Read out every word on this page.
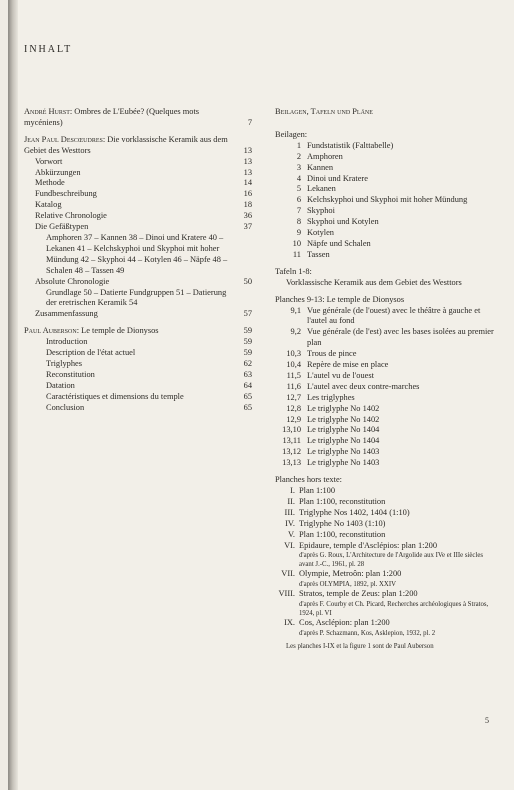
INHALT
André Hurst: Ombres de L'Eubée? (Quelques mots mycéniens)	7
Jean Paul Descœudres: Die vorklassische Keramik aus dem Gebiet des Westtors	13
Vorwort	13
Abkürzungen	13
Methode	14
Fundbeschreibung	16
Katalog	18
Relative Chronologie	36
Die Gefäßtypen	37
Amphoren 37 – Kannen 38 – Dinoi und Kratere 40 – Lekanen 41 – Kelchskyphoi und Skyphoi mit hoher Mündung 42 – Skyphoi 44 – Kotylen 46 – Näpfe 48 – Schalen 48 – Tassen 49
Absolute Chronologie	50
Grundlage 50 – Datierte Fundgruppen 51 – Datierung der eretrischen Keramik 54
Zusammenfassung	57
Paul Auberson: Le temple de Dionysos	59
Introduction	59
Description de l'état actuel	59
Triglyphes	62
Reconstitution	63
Datation	64
Caractéristiques et dimensions du temple	65
Conclusion	65
Beilagen, Tafeln und Pläne
Beilagen:
1 Fundstatistik (Falttabelle)
2 Amphoren
3 Kannen
4 Dinoi und Kratere
5 Lekanen
6 Kelchskyphoi und Skyphoi mit hoher Mündung
7 Skyphoi
8 Skyphoi und Kotylen
9 Kotylen
10 Näpfe und Schalen
11 Tassen
Tafeln 1-8:
Vorklassische Keramik aus dem Gebiet des Westtors
Planches 9-13: Le temple de Dionysos
9,1 Vue générale (de l'ouest) avec le théâtre à gauche et l'autel au fond
9,2 Vue générale (de l'est) avec les bases isolées au premier plan
10,3 Trous de pince
10,4 Repère de mise en place
11,5 L'autel vu de l'ouest
11,6 L'autel avec deux contre-marches
12,7 Les triglyphes
12,8 Le triglyphe No 1402
12,9 Le triglyphe No 1402
13,10 Le triglyphe No 1404
13,11 Le triglyphe No 1404
13,12 Le triglyphe No 1403
13,13 Le triglyphe No 1403
Planches hors texte:
I. Plan 1:100
II. Plan 1:100, reconstitution
III. Triglyphe Nos 1402, 1404 (1:10)
IV. Triglyphe No 1403 (1:10)
V. Plan 1:100, reconstitution
VI. Epidaure, temple d'Asclépios: plan 1:200
d'après G. Roux, L'Architecture de l'Argolide aux IVe et IIIe siècles avant J.-C., 1961, pl. 28
VII. Olympie, Metroôn: plan 1:200
d'après OLYMPIA, 1892, pl. XXIV
VIII. Stratos, temple de Zeus: plan 1:200
d'après F. Courby et Ch. Picard, Recherches archéologiques à Stratos, 1924, pl. VI
IX. Cos, Asclépion: plan 1:200
d'après P. Schazmann, Kos, Asklepion, 1932, pl. 2
Les planches I-IX et la figure 1 sont de Paul Auberson
5
